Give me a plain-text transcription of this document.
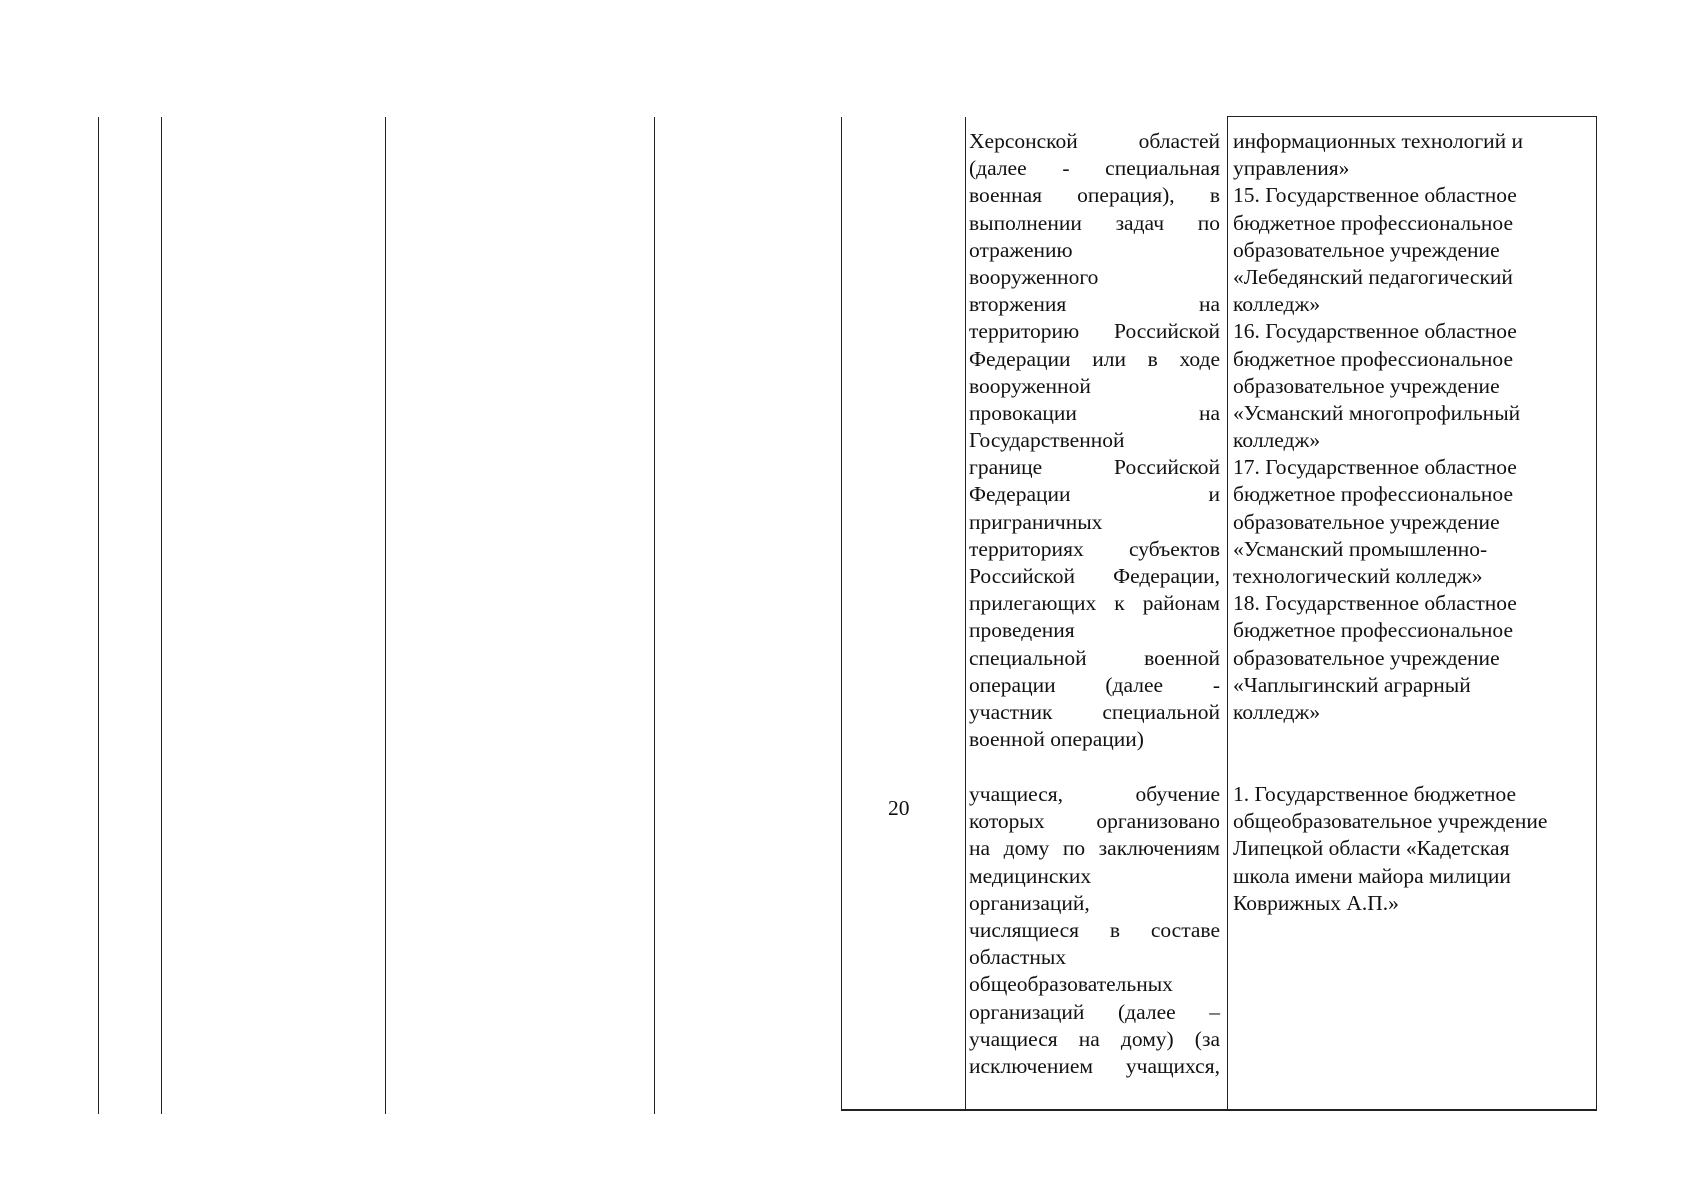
20
Херсонской областей
(далее - специальная
военная операция), в
выполнении задач по
отражению
вооруженного
вторжения на
территорию Российской
Федерации или в ходе
вооруженной
провокации на
Государственной
границе Российской
Федерации и
приграничных
территориях субъектов
Российской Федерации,
прилегающих к районам
проведения
специальной военной
операции (далее -
участник специальной
военной операции)
информационных технологий и
управления»
15. Государственное областное
бюджетное профессиональное
образовательное учреждение
«Лебедянский педагогический
колледж»
16. Государственное областное
бюджетное профессиональное
образовательное учреждение
«Усманский многопрофильный
колледж»
17. Государственное областное
бюджетное профессиональное
образовательное учреждение
«Усманский промышленно-
технологический колледж»
18. Государственное областное
бюджетное профессиональное
образовательное учреждение
«Чаплыгинский аграрный
колледж»
учащиеся, обучение
которых организовано
на дому по заключениям
медицинских
организаций,
числящиеся в составе
областных
общеобразовательных
организаций (далее –
учащиеся на дому) (за
исключением учащихся,
1. Государственное бюджетное
общеобразовательное учреждение
Липецкой области «Кадетская
школа имени майора милиции
Коврижных А.П.»
